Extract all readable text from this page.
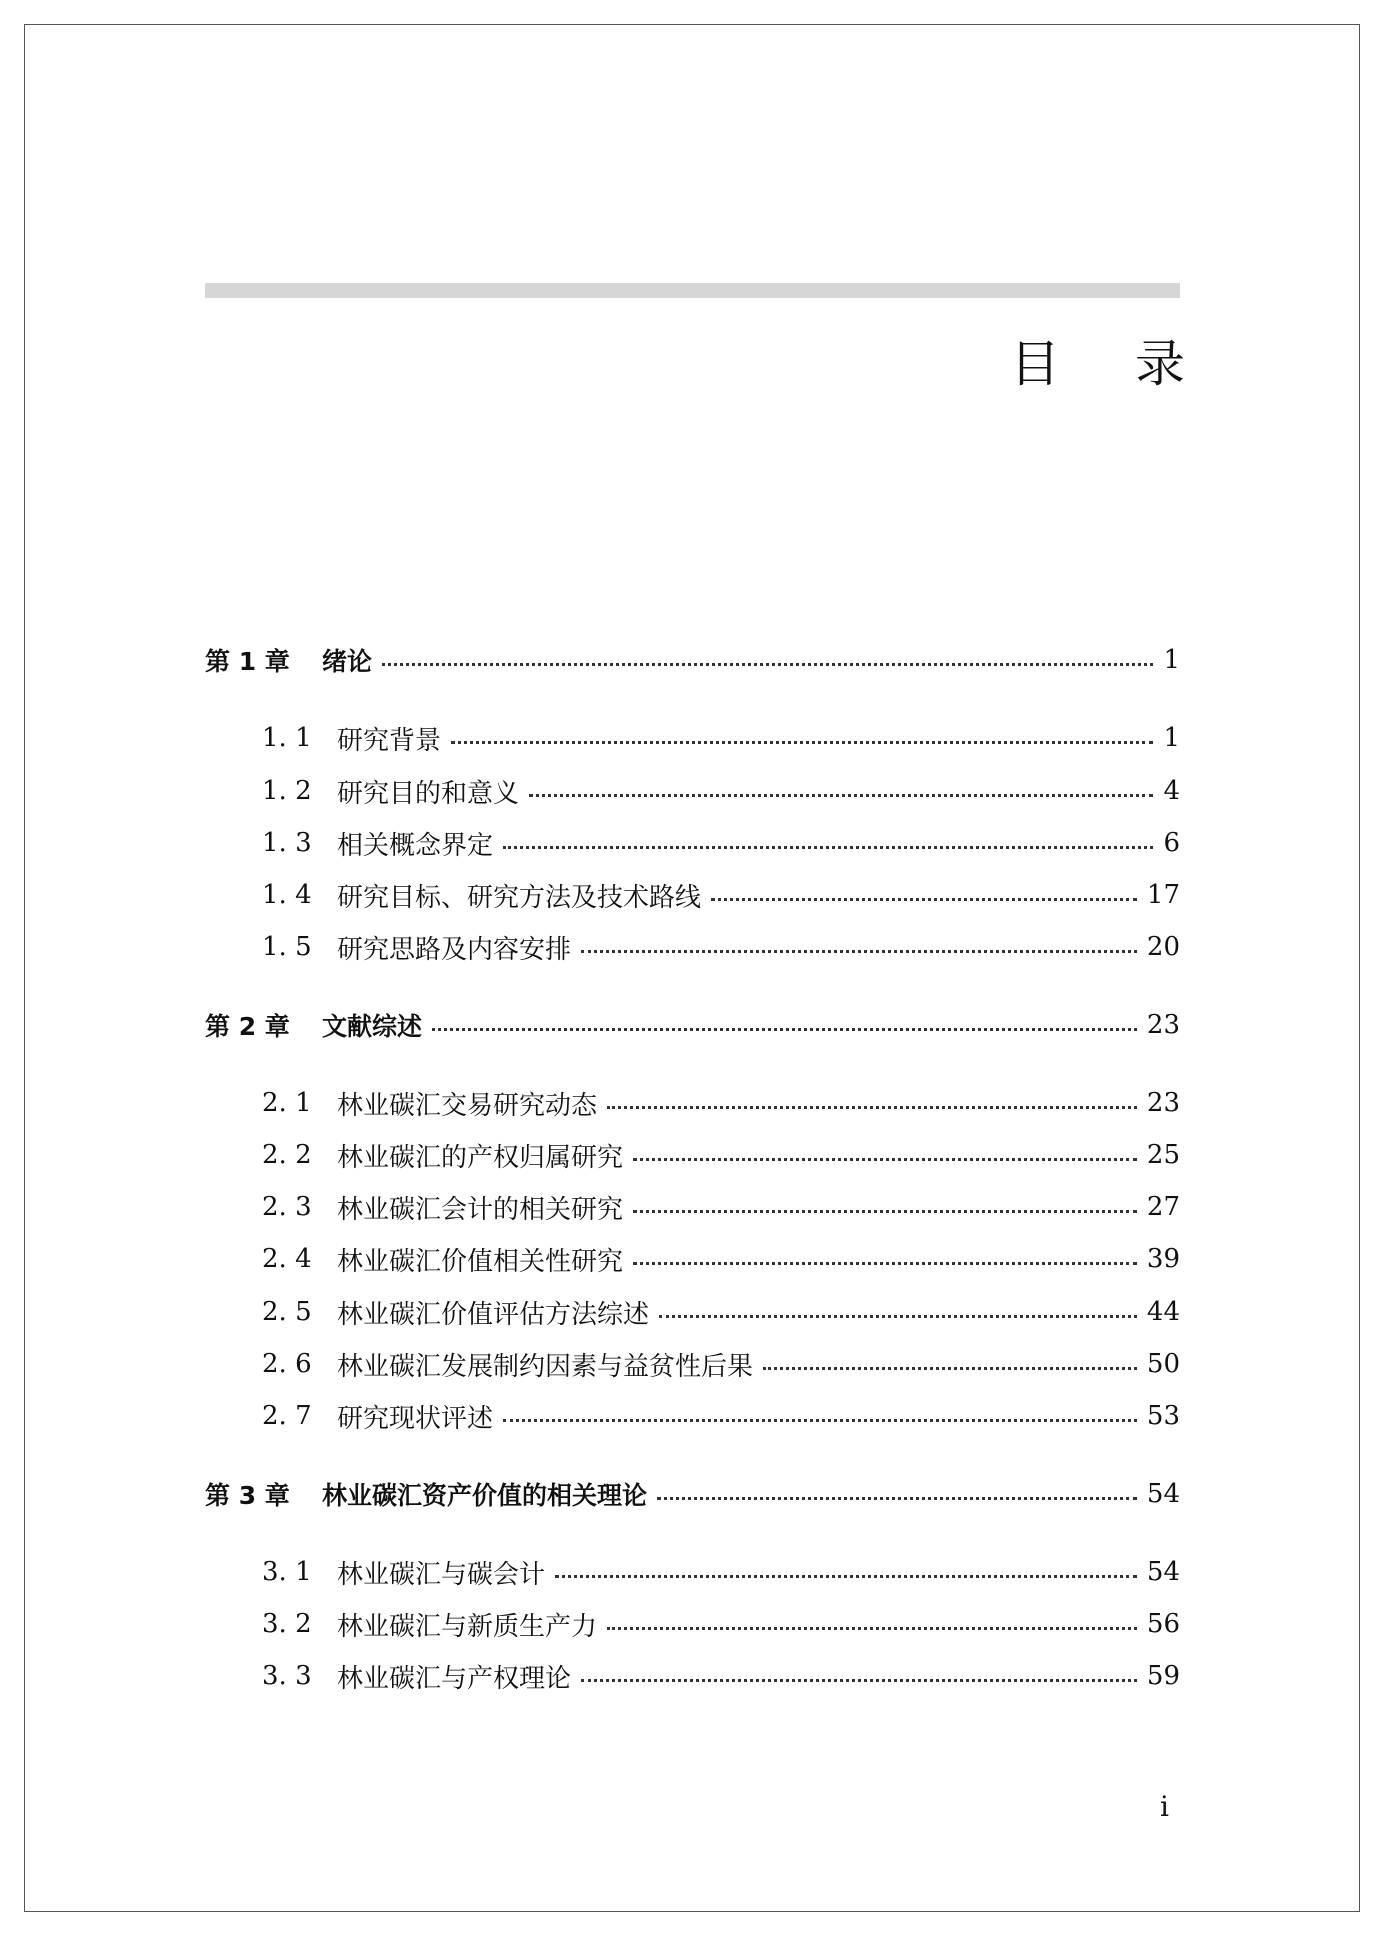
目 录
第 1 章	绪论	1
1. 1 研究背景	1
1. 2 研究目的和意义	4
1. 3 相关概念界定	6
1. 4 研究目标、研究方法及技术路线	17
1. 5 研究思路及内容安排	20
第 2 章	文献综述	23
2. 1 林业碳汇交易研究动态	23
2. 2 林业碳汇的产权归属研究	25
2. 3 林业碳汇会计的相关研究	27
2. 4 林业碳汇价值相关性研究	39
2. 5 林业碳汇价值评估方法综述	44
2. 6 林业碳汇发展制约因素与益贫性后果	50
2. 7 研究现状评述	53
第 3 章	林业碳汇资产价值的相关理论	54
3. 1 林业碳汇与碳会计	54
3. 2 林业碳汇与新质生产力	56
3. 3 林业碳汇与产权理论	59
i
